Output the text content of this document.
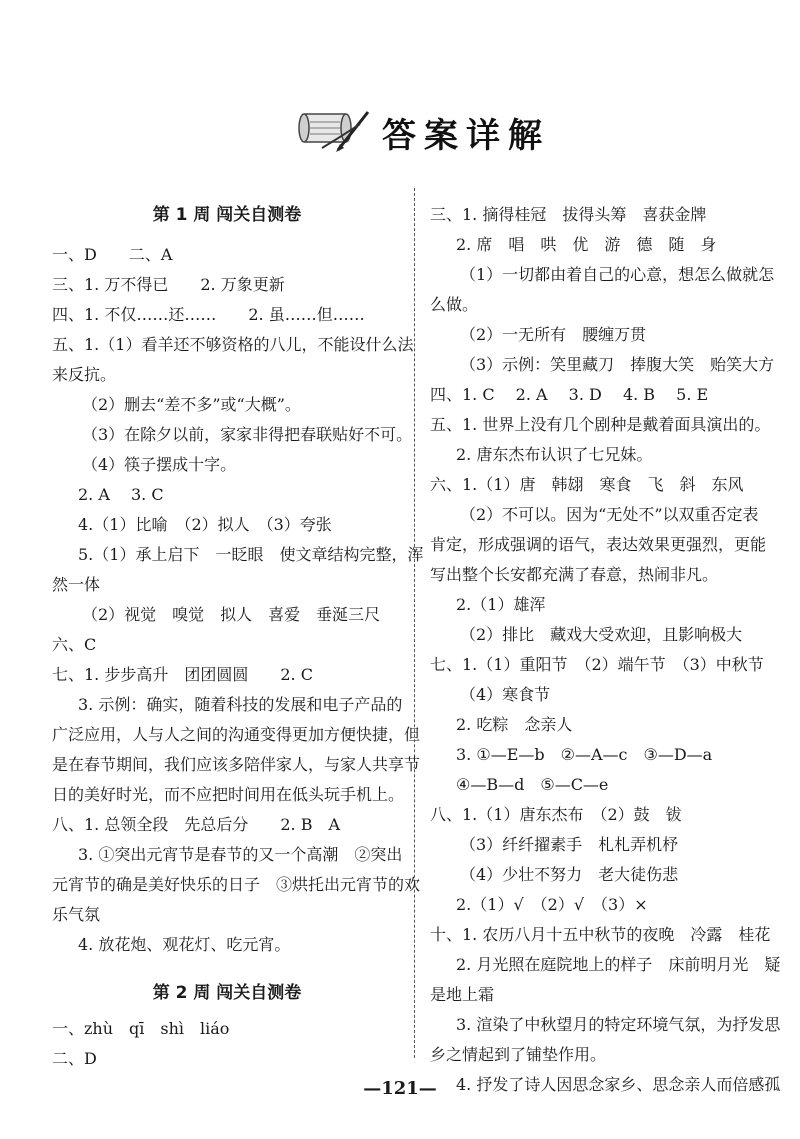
答案详解
第 1 周 闯关自测卷
一、D　　二、A
三、1. 万不得已　　2. 万象更新
四、1. 不仅……还……　　2. 虽……但……
五、1.（1）看羊还不够资格的八儿，不能设什么法
来反抗。
（2）删去“差不多”或“大概”。
（3）在除夕以前，家家非得把春联贴好不可。
（4）筷子摆成十字。
2. A　 3. C
4.（1）比喻　（2）拟人　（3）夸张
5.（1）承上启下　一眨眼　使文章结构完整，浑
然一体
（2）视觉　嗅觉　拟人　喜爱　垂涎三尺
六、C
七、1. 步步高升　团团圆圆　　2. C
3. 示例：确实，随着科技的发展和电子产品的
广泛应用，人与人之间的沟通变得更加方便快捷，但
是在春节期间，我们应该多陪伴家人，与家人共享节
日的美好时光，而不应把时间用在低头玩手机上。
八、1. 总领全段　先总后分　　2. B　A
3. ①突出元宵节是春节的又一个高潮　②突出
元宵节的确是美好快乐的日子　③烘托出元宵节的欢
乐气氛
4. 放花炮、观花灯、吃元宵。
第 2 周 闯关自测卷
一、zhù　qī　shì　liáo
二、D
三、1. 摘得桂冠　拔得头筹　喜获金牌
2. 席　唱　哄　优　游　德　随　身
（1）一切都由着自己的心意，想怎么做就怎
么做。
（2）一无所有　腰缠万贯
（3）示例：笑里藏刀　捧腹大笑　贻笑大方
四、1. C　 2. A　 3. D　 4. B　 5. E
五、1. 世界上没有几个剧种是戴着面具演出的。
2. 唐东杰布认识了七兄妹。
六、1.（1）唐　韩翃　寒食　飞　斜　东风
（2）不可以。因为“无处不”以双重否定表
肯定，形成强调的语气，表达效果更强烈，更能
写出整个长安都充满了春意，热闹非凡。
2.（1）雄浑
（2）排比　藏戏大受欢迎，且影响极大
七、1.（1）重阳节　（2）端午节　（3）中秋节
（4）寒食节
2. 吃粽　念亲人
3. ①—E—b　②—A—c　③—D—a
④—B—d　⑤—C—e
八、1.（1）唐东杰布　（2）鼓　钹
（3）纤纤擢素手　札札弄机杼
（4）少壮不努力　老大徒伤悲
2.（1）√　（2）√　（3）×
十、1. 农历八月十五中秋节的夜晚　冷露　桂花
2. 月光照在庭院地上的样子　床前明月光　疑
是地上霜
3. 渲染了中秋望月的特定环境气氛，为抒发思
乡之情起到了铺垫作用。
4. 抒发了诗人因思念家乡、思念亲人而倍感孤
—121—
